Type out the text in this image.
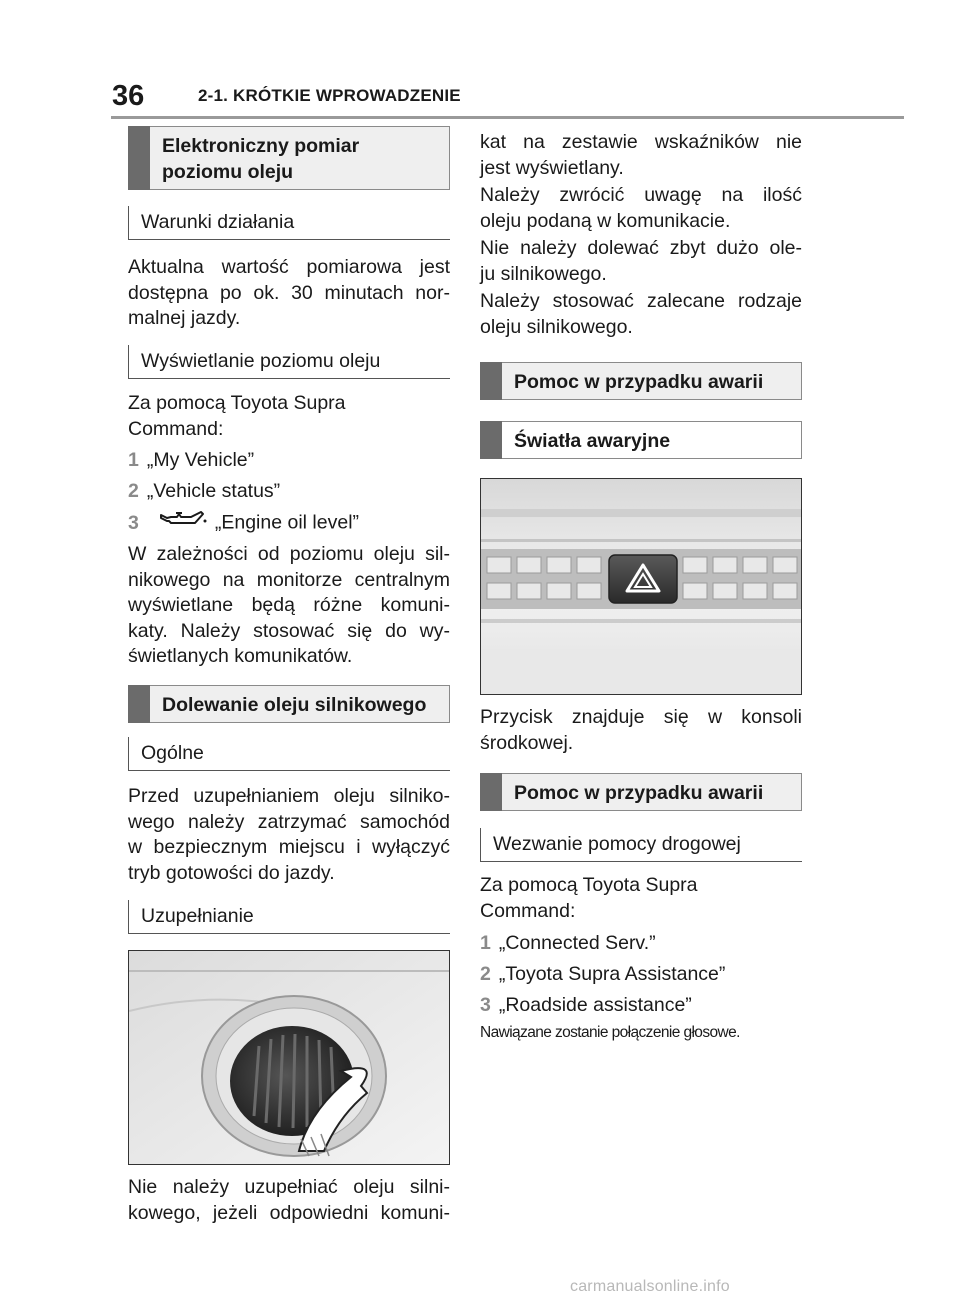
36	2-1. KRÓTKIE WPROWADZENIE
Elektroniczny pomiar
poziomu oleju
Warunki działania
Aktualna wartość pomiarowa jest
dostępna po ok. 30 minutach nor-
malnej jazdy.
Wyświetlanie poziomu oleju
Za pomocą Toyota Supra
Command:
1 „My Vehicle”
2 „Vehicle status”
3	„Engine oil level”
W zależności od poziomu oleju sil-
nikowego na monitorze centralnym
wyświetlane będą różne komuni-
katy. Należy stosować się do wy-
świetlanych komunikatów.
Dolewanie oleju silnikowego
Ogólne
Przed uzupełnianiem oleju silniko-
wego należy zatrzymać samochód
w bezpiecznym miejscu i wyłączyć
tryb gotowości do jazdy.
Uzupełnianie
Nie należy uzupełniać oleju silni-
kowego, jeżeli odpowiedni komuni-
kat na zestawie wskaźników nie
jest wyświetlany.
Należy zwrócić uwagę na ilość
oleju podaną w komunikacie.
Nie należy dolewać zbyt dużo ole-
ju silnikowego.
Należy stosować zalecane rodzaje
oleju silnikowego.
Pomoc w przypadku awarii
Światła awaryjne
Przycisk znajduje się w konsoli
środkowej.
Pomoc w przypadku awarii
Wezwanie pomocy drogowej
Za pomocą Toyota Supra
Command:
1 „Connected Serv.”
2 „Toyota Supra Assistance”
3 „Roadside assistance”
Nawiązane zostanie połączenie głosowe.
carmanualsonline.info
